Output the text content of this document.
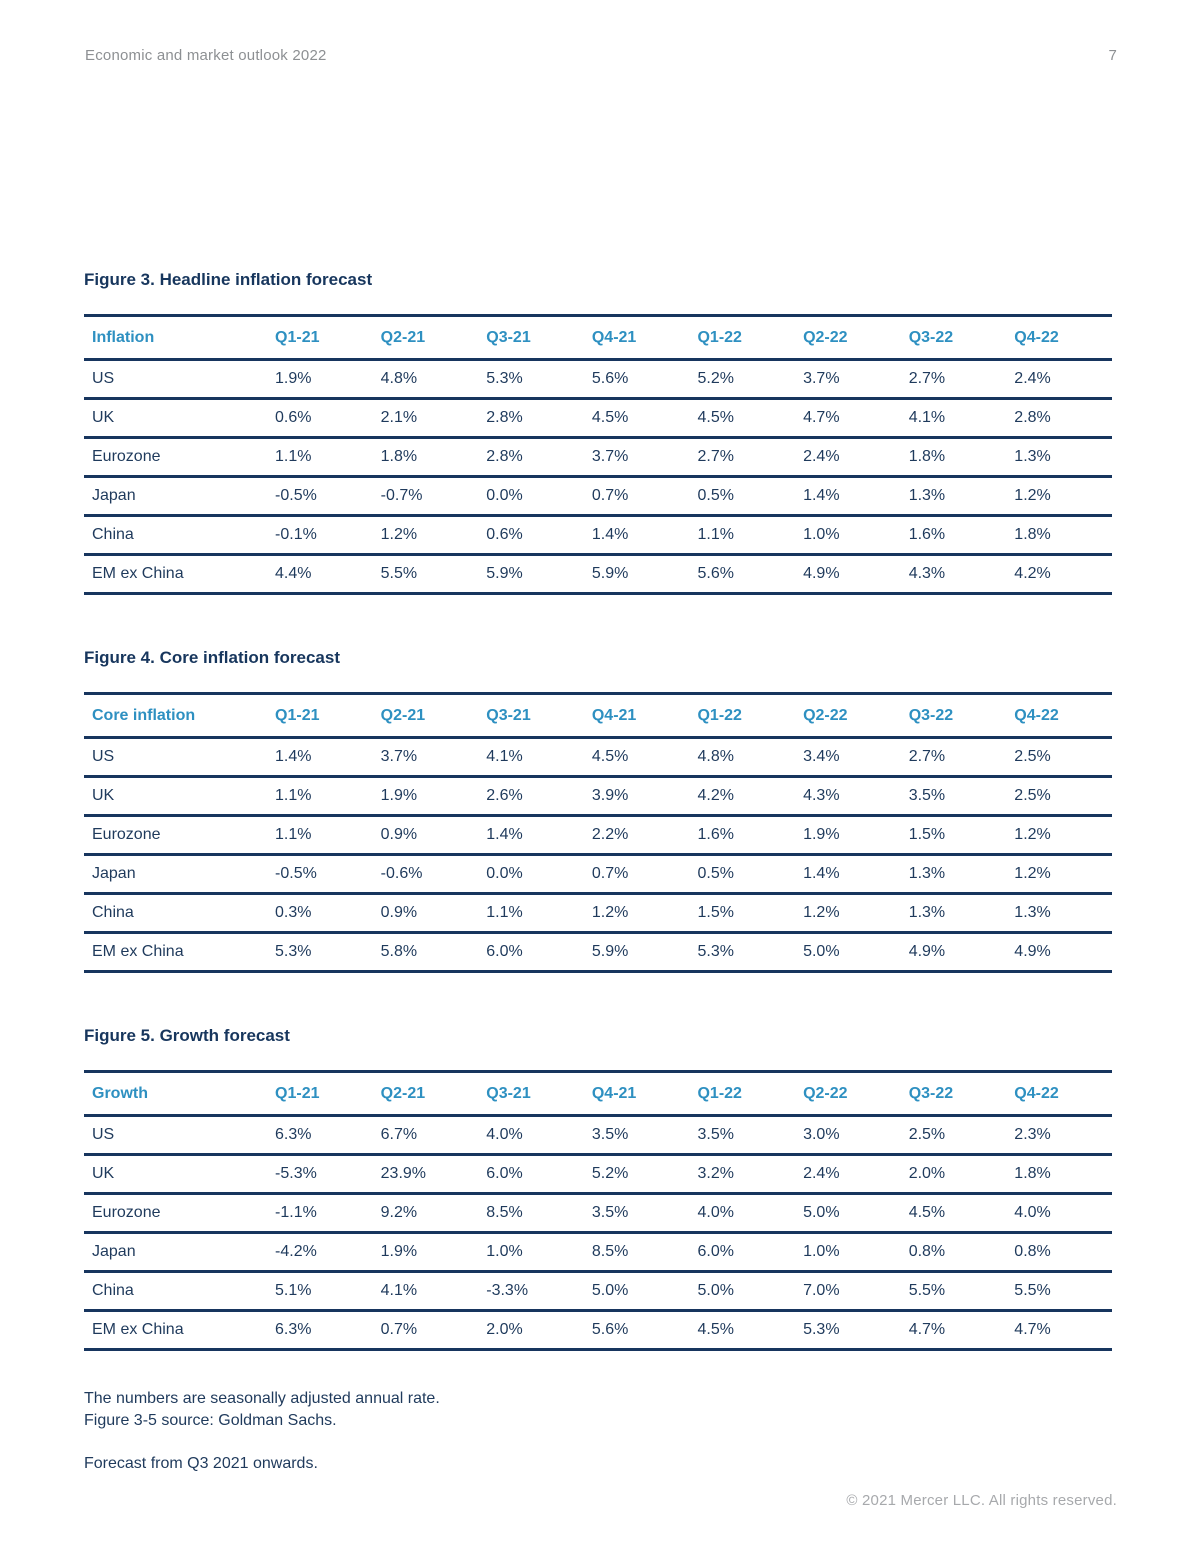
Economic and market outlook 2022	7
Figure 3. Headline inflation forecast
Inflation	Q1-21	Q2-21	Q3-21	Q4-21	Q1-22	Q2-22	Q3-22	Q4-22
US	1.9%	4.8%	5.3%	5.6%	5.2%	3.7%	2.7%	2.4%
UK	0.6%	2.1%	2.8%	4.5%	4.5%	4.7%	4.1%	2.8%
Eurozone	1.1%	1.8%	2.8%	3.7%	2.7%	2.4%	1.8%	1.3%
Japan	-0.5%	-0.7%	0.0%	0.7%	0.5%	1.4%	1.3%	1.2%
China	-0.1%	1.2%	0.6%	1.4%	1.1%	1.0%	1.6%	1.8%
EM ex China	4.4%	5.5%	5.9%	5.9%	5.6%	4.9%	4.3%	4.2%
Figure 4. Core inflation forecast
Core inflation	Q1-21	Q2-21	Q3-21	Q4-21	Q1-22	Q2-22	Q3-22	Q4-22
US	1.4%	3.7%	4.1%	4.5%	4.8%	3.4%	2.7%	2.5%
UK	1.1%	1.9%	2.6%	3.9%	4.2%	4.3%	3.5%	2.5%
Eurozone	1.1%	0.9%	1.4%	2.2%	1.6%	1.9%	1.5%	1.2%
Japan	-0.5%	-0.6%	0.0%	0.7%	0.5%	1.4%	1.3%	1.2%
China	0.3%	0.9%	1.1%	1.2%	1.5%	1.2%	1.3%	1.3%
EM ex China	5.3%	5.8%	6.0%	5.9%	5.3%	5.0%	4.9%	4.9%
Figure 5. Growth forecast
Growth	Q1-21	Q2-21	Q3-21	Q4-21	Q1-22	Q2-22	Q3-22	Q4-22
US	6.3%	6.7%	4.0%	3.5%	3.5%	3.0%	2.5%	2.3%
UK	-5.3%	23.9%	6.0%	5.2%	3.2%	2.4%	2.0%	1.8%
Eurozone	-1.1%	9.2%	8.5%	3.5%	4.0%	5.0%	4.5%	4.0%
Japan	-4.2%	1.9%	1.0%	8.5%	6.0%	1.0%	0.8%	0.8%
China	5.1%	4.1%	-3.3%	5.0%	5.0%	7.0%	5.5%	5.5%
EM ex China	6.3%	0.7%	2.0%	5.6%	4.5%	5.3%	4.7%	4.7%

The numbers are seasonally adjusted annual rate.

Figure 3-5 source: Goldman Sachs.

Forecast from Q3 2021 onwards.

© 2021 Mercer LLC. All rights reserved.
